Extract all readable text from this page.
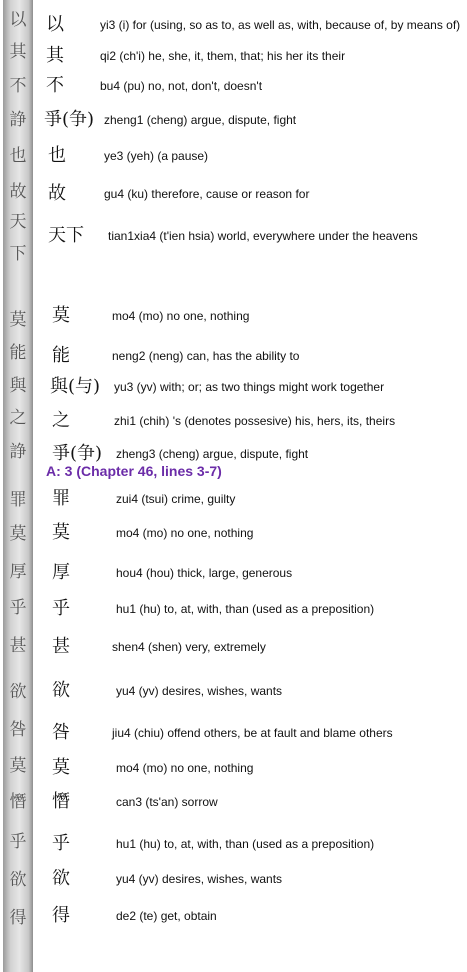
以
其
不
諍
也
故
天
下
莫
能
與
之
諍
罪
莫
厚
乎
甚
欲
咎
莫
憯
乎
欲
得
以	yi3 (i) for (using, so as to, as well as, with, because of, by means of)
其	qi2 (ch'i) he, she, it, them, that; his her its their
不	bu4 (pu) no, not, don't, doesn't
爭(争) zheng1 (cheng) argue, dispute, fight
也	ye3 (yeh) (a pause)
故	gu4 (ku) therefore, cause or reason for
天下 tian1xia4 (t'ien hsia) world, everywhere under the heavens
莫	mo4 (mo) no one, nothing
能	neng2 (neng) can, has the ability to
與(与) yu3 (yv) with; or; as two things might work together
之	zhi1 (chih) 's (denotes possesive) his, hers, its, theirs
爭(争) zheng3 (cheng) argue, dispute, fight
A: 3 (Chapter 46, lines 3-7)
罪	zui4 (tsui) crime, guilty
莫	mo4 (mo) no one, nothing
厚	hou4 (hou) thick, large, generous
乎	hu1 (hu) to, at, with, than (used as a preposition)
甚	shen4 (shen) very, extremely
欲	yu4 (yv) desires, wishes, wants
咎	jiu4 (chiu) offend others, be at fault and blame others
莫	mo4 (mo) no one, nothing
憯	can3 (ts'an) sorrow
乎	hu1 (hu) to, at, with, than (used as a preposition)
欲	yu4 (yv) desires, wishes, wants
得	de2 (te) get, obtain
